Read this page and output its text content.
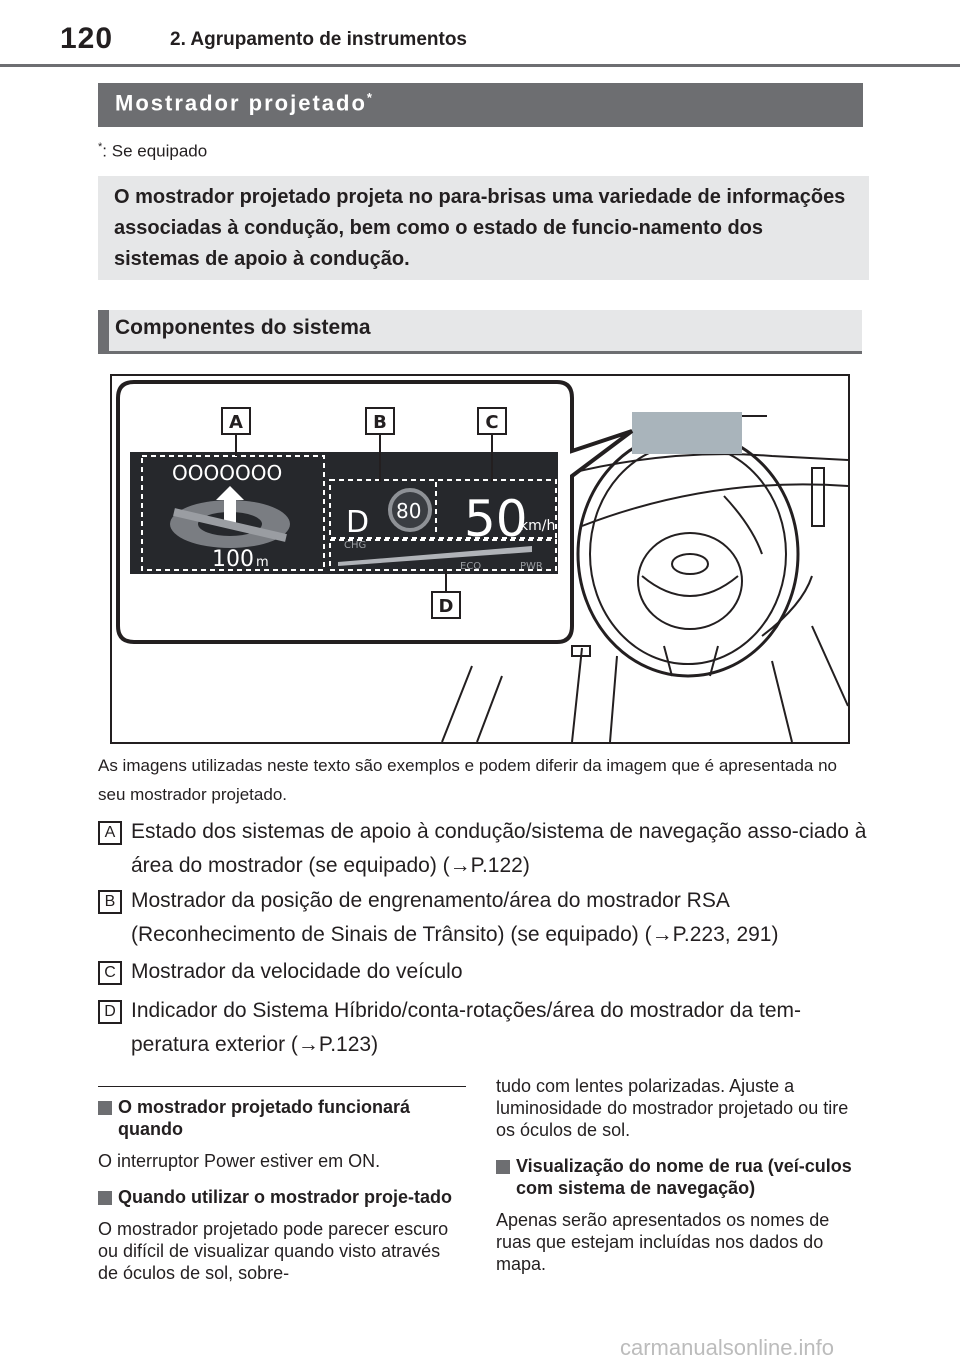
120	2. Agrupamento de instrumentos
Mostrador projetado*
*: Se equipado
O mostrador projetado projeta no para-brisas uma variedade de informações associadas à condução, bem como o estado de funcio-namento dos sistemas de apoio à condução.
Componentes do sistema
OOOOOOO
100 m
D 80 50
km/h
CHG
ECO	PWR
A	B	C
D
As imagens utilizadas neste texto são exemplos e podem diferir da imagem que é apresentada no seu mostrador projetado.
A Estado dos sistemas de apoio à condução/sistema de navegação asso-ciado à área do mostrador (se equipado) (→P.122)
B Mostrador da posição de engrenamento/área do mostrador RSA (Reconhecimento de Sinais de Trânsito) (se equipado) (→P.223, 291)
C Mostrador da velocidade do veículo
D Indicador do Sistema Híbrido/conta-rotações/área do mostrador da tem-peratura exterior (→P.123)
O mostrador projetado funcionará quando
O interruptor Power estiver em ON.
Quando utilizar o mostrador proje-tado
O mostrador projetado pode parecer escuro ou difícil de visualizar quando visto através de óculos de sol, sobre-
tudo com lentes polarizadas. Ajuste a luminosidade do mostrador projetado ou tire os óculos de sol.
Visualização do nome de rua (veí-culos com sistema de navegação)
Apenas serão apresentados os nomes de ruas que estejam incluídas nos dados do mapa.
carmanualsonline.info
